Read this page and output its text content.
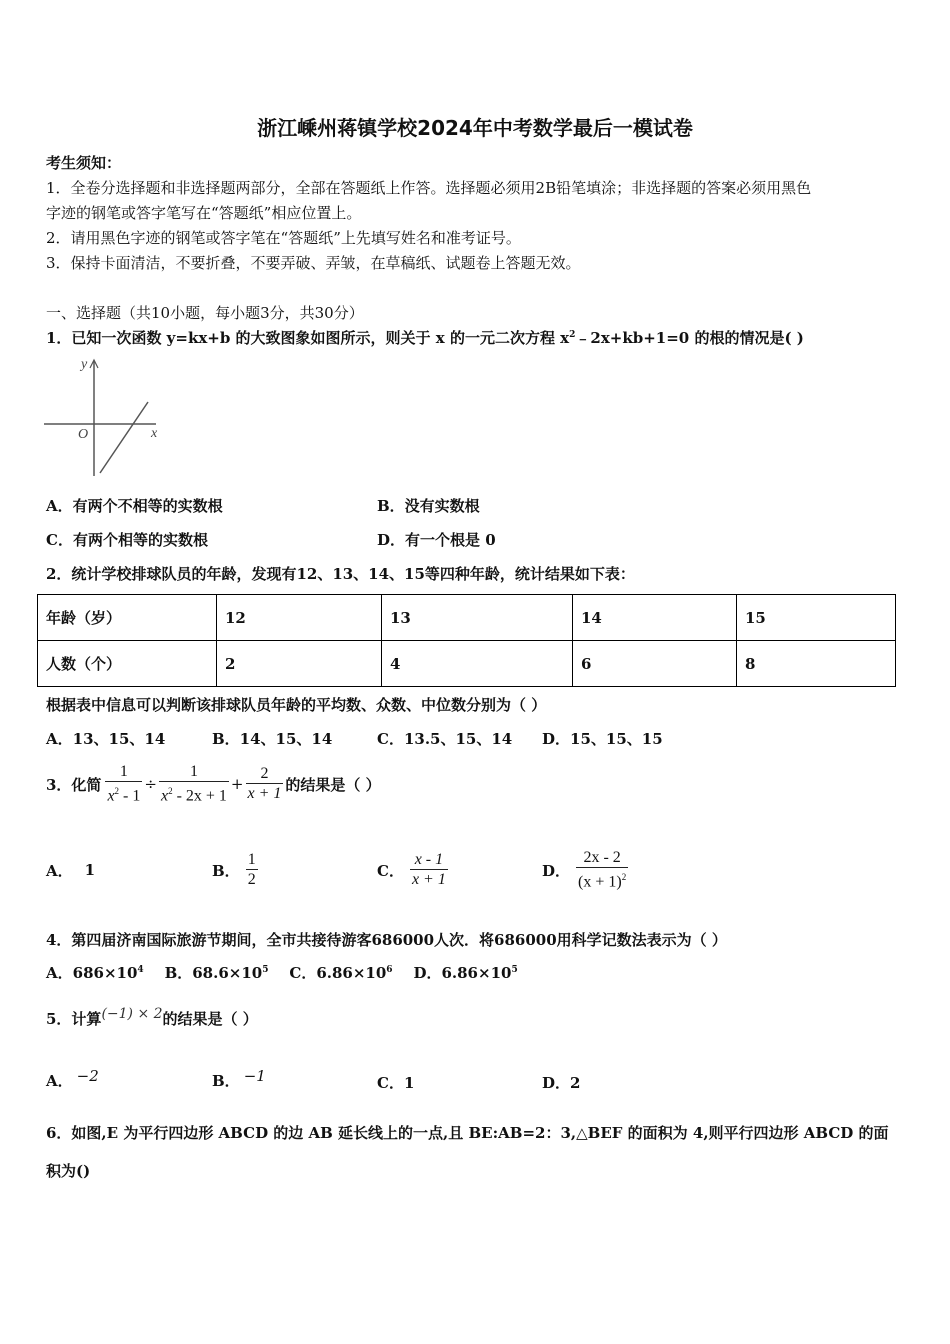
浙江嵊州蒋镇学校2024年中考数学最后一模试卷
考生须知：
1．全卷分选择题和非选择题两部分，全部在答题纸上作答。选择题必须用2B铅笔填涂；非选择题的答案必须用黑色
字迹的钢笔或答字笔写在“答题纸”相应位置上。
2．请用黑色字迹的钢笔或答字笔在“答题纸”上先填写姓名和准考证号。
3．保持卡面清洁，不要折叠，不要弄破、弄皱，在草稿纸、试题卷上答题无效。
一、选择题（共10小题，每小题3分，共30分）
1．已知一次函数 y=kx+b 的大致图象如图所示，则关于 x 的一元二次方程 $x^2﹣2x+kb+1=0$ 的根的情况是( )
y
x
O
A．有两个不相等的实数根	B．没有实数根
C．有两个相等的实数根	D．有一个根是 0
2．统计学校排球队员的年龄，发现有12、13、14、15等四种年龄，统计结果如下表：
年龄（岁）	12	13	14	15
人数（个）	2	4	6	8
根据表中信息可以判断该排球队员年龄的平均数、众数、中位数分别为（ ）
A．13、15、14	B．14、15、14	C．13.5、15、14 D．15、15、15
3．化简 $\frac{1}{x^2 - 1} \div \frac{1}{x^2 - 2x + 1} + \frac{2}{x + 1}$ 的结果是（ ）
A． 1	B． $\frac{1}{2}$	C． $\frac{x - 1}{x + 1}$	D． $\frac{2x - 2}{(x + 1)^2}$
4．第四届济南国际旅游节期间，全市共接待游客686000人次．将686000用科学记数法表示为（ ）
A．$686\times 10^4$ B．$68.6\times 10^5$ C．$6.86\times 10^6$ D．$6.86\times 10^5$
5．计算(−1) × 2的结果是（ ）
A． −2	B． −1	C．1	D．2
6．如图,E 为平行四边形 ABCD 的边 AB 延长线上的一点,且 BE:AB=2：3,△BEF 的面积为 4,则平行四边形 ABCD 的面
积为()
